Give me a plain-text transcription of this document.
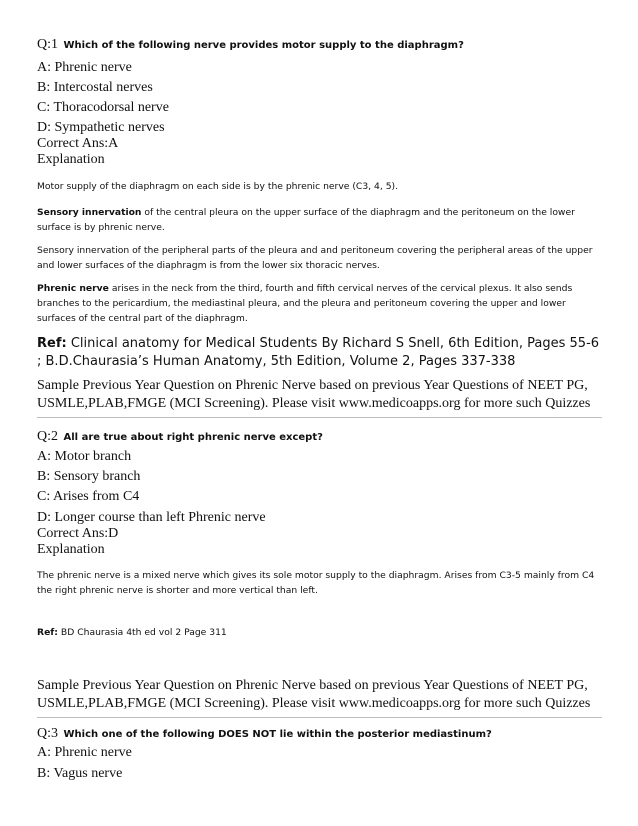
Q:1 Which of the following nerve provides motor supply to the diaphragm?
A: Phrenic nerve
B: Intercostal nerves
C: Thoracodorsal nerve
D: Sympathetic nerves
Correct Ans:A
Explanation
Motor supply of the diaphragm on each side is by the phrenic nerve (C3, 4, 5).
Sensory innervation of the central pleura on the upper surface of the diaphragm and the peritoneum on the lower surface is by phrenic nerve.
Sensory innervation of the peripheral parts of the pleura and and peritoneum covering the peripheral areas of the upper and lower surfaces of the diaphragm is from the lower six thoracic nerves.
Phrenic nerve arises in the neck from the third, fourth and fifth cervical nerves of the cervical plexus. It also sends branches to the pericardium, the mediastinal pleura, and the pleura and peritoneum covering the upper and lower surfaces of the central part of the diaphragm.
Ref: Clinical anatomy for Medical Students By Richard S Snell, 6th Edition, Pages 55-6 ; B.D.Chaurasia’s Human Anatomy, 5th Edition, Volume 2, Pages 337-338
Sample Previous Year Question on Phrenic Nerve based on previous Year Questions of NEET PG, USMLE,PLAB,FMGE (MCI Screening). Please visit www.medicoapps.org for more such Quizzes
Q:2 All are true about right phrenic nerve except?
A: Motor branch
B: Sensory branch
C: Arises from C4
D: Longer course than left Phrenic nerve
Correct Ans:D
Explanation
The phrenic nerve is a mixed nerve which gives its sole motor supply to the diaphragm. Arises from C3-5 mainly from C4 the right phrenic nerve is shorter and more vertical than left.
Ref: BD Chaurasia 4th ed vol 2 Page 311
Sample Previous Year Question on Phrenic Nerve based on previous Year Questions of NEET PG, USMLE,PLAB,FMGE (MCI Screening). Please visit www.medicoapps.org for more such Quizzes
Q:3 Which one of the following DOES NOT lie within the posterior mediastinum?
A: Phrenic nerve
B: Vagus nerve
